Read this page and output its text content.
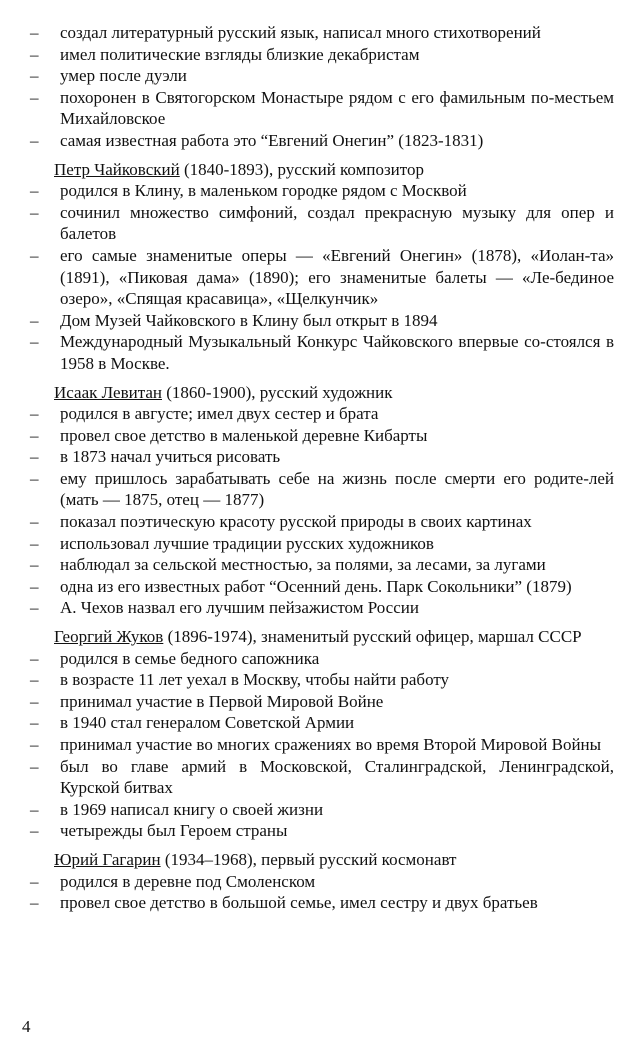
–	создал литературный русский язык, написал много стихотворений
–	имел политические взгляды близкие декабристам
–	умер после дуэли
–	похоронен в Святогорском Монастыре рядом с его фамильным по-местьем Михайловское
–	самая известная работа это “Евгений Онегин” (1823-1831)
Петр Чайковский (1840-1893), русский композитор
–	родился в Клину, в маленьком городке рядом с Москвой
–	сочинил множество симфоний, создал прекрасную музыку для опер и балетов
–	его самые знаменитые оперы — «Евгений Онегин» (1878), «Иолан-та» (1891), «Пиковая дама» (1890); его знаменитые балеты — «Ле-бединое озеро», «Спящая красавица», «Щелкунчик»
–	Дом Музей Чайковского в Клину был открыт в 1894
–	Международный Музыкальный Конкурс Чайковского впервые со-стоялся в 1958 в Москве.
Исаак Левитан (1860-1900), русский художник
–	родился в августе; имел двух сестер и брата
–	провел свое детство в маленькой деревне Кибарты
–	в 1873 начал учиться рисовать
–	ему пришлось зарабатывать себе на жизнь после смерти его родите-лей (мать — 1875, отец — 1877)
–	показал поэтическую красоту русской природы в своих картинах
–	использовал лучшие традиции русских художников
–	наблюдал за сельской местностью, за полями, за лесами, за лугами
–	одна из его известных работ “Осенний день. Парк Сокольники” (1879)
–	А. Чехов назвал его лучшим пейзажистом России
Георгий Жуков (1896-1974), знаменитый русский офицер, маршал СССР
–	родился в семье бедного сапожника
–	в возрасте 11 лет уехал в Москву, чтобы найти работу
–	принимал участие в Первой Мировой Войне
–	в 1940 стал генералом Советской Армии
–	принимал участие во многих сражениях во время Второй Мировой Войны
–	был во главе армий в Московской, Сталинградской, Ленинградской, Курской битвах
–	в 1969 написал книгу о своей жизни
–	четырежды был Героем страны
Юрий Гагарин (1934–1968), первый русский космонавт
–	родился в деревне под Смоленском
–	провел свое детство в большой семье, имел сестру и двух братьев
4
